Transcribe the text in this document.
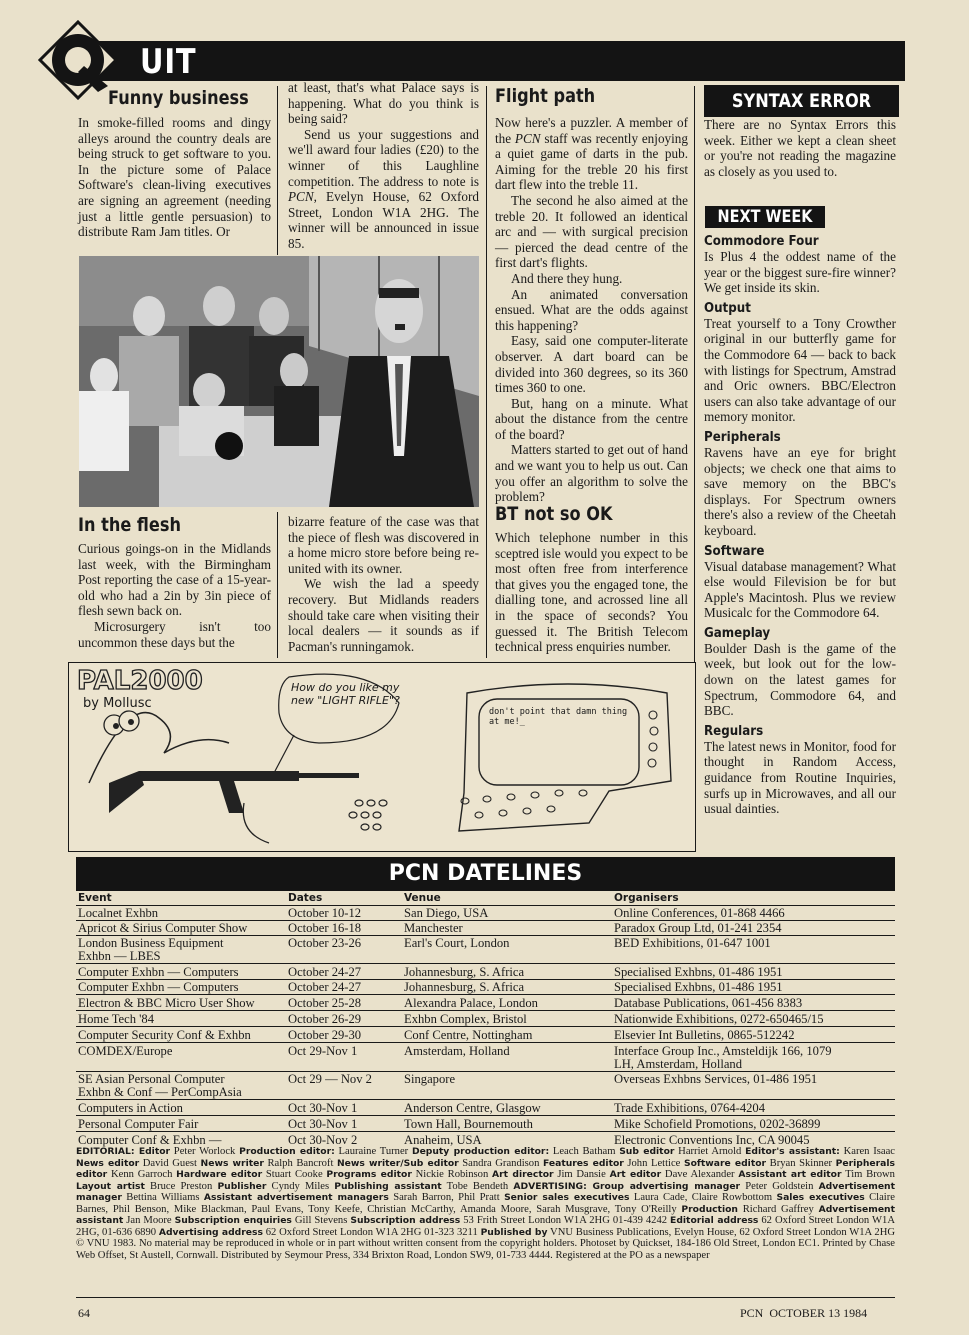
UIT
Funny business

In smoke-filled rooms and dingy alleys around the country deals are being struck to get software to you. In the picture some of Palace Software's clean-living executives are signing an agreement (needing just a little gentle persuasion) to distribute Ram Jam titles. Or

at least, that's what Palace says is happening. What do you think is being said?

Send us your suggestions and we'll award four ladies (£20) to the winner of this Laughline competition. The address to note is PCN, Evelyn House, 62 Oxford Street, London W1A 2HG. The winner will be announced in issue 85.

In the flesh

Curious goings-on in the Midlands last week, with the Birmingham Post reporting the case of a 15-year-old who had a 2in by 3in piece of flesh sewn back on.

Microsurgery isn't too uncommon these days but the

bizarre feature of the case was that the piece of flesh was discovered in a home micro store before being re-united with its owner.

We wish the lad a speedy recovery. But Midlands readers should take care when visiting their local dealers — it sounds as if Pacman's runningamok.

Flight path

Now here's a puzzler. A member of the PCN staff was recently enjoying a quiet game of darts in the pub. Aiming for the treble 20 his first dart flew into the treble 11.

The second he also aimed at the treble 20. It followed an identical arc and — with surgical precision — pierced the dead centre of the first dart's flights.

And there they hung.

An animated conversation ensued. What are the odds against this happening?

Easy, said one computer-literate observer. A dart board can be divided into 360 degrees, so its 360 times 360 to one.

But, hang on a minute. What about the distance from the centre of the board?

Matters started to get out of hand and we want you to help us out. Can you offer an algorithm to solve the problem?

BT not so OK

Which telephone number in this sceptred isle would you expect to be most often free from interference that gives you the engaged tone, the dialling tone, and acrossed line all in the space of seconds? You guessed it. The British Telecom technical press enquiries number.

SYNTAX ERROR

There are no Syntax Errors this week. Either we kept a clean sheet or you're not reading the magazine as closely as you used to.

NEXT WEEK
Commodore Four
Is Plus 4 the oddest name of the year or the biggest sure-fire winner? We get inside its skin.
Output
Treat yourself to a Tony Crowther original in our butterfly game for the Commodore 64 — back to back with listings for Spectrum, Amstrad and Oric owners. BBC/Electron users can also take advantage of our memory monitor.
Peripherals
Ravens have an eye for bright objects; we check one that aims to save memory on the BBC's displays. For Spectrum owners there's also a review of the Cheetah keyboard.
Software
Visual database management? What else would Filevision be for but Apple's Macintosh. Plus we review Musicalc for the Commodore 64.
Gameplay
Boulder Dash is the game of the week, but look out for the low-down on the latest games for Spectrum, Commodore 64, and BBC.
Regulars
The latest news in Monitor, food for thought in Random Access, guidance from Routine Inquiries, surfs up in Microwaves, and all our usual dainties.
PAL2000
by Mollusc
How do you like my new "LIGHT RIFLE"?
don't point that damn thing at me!_
PCN DATELINES
Event	Dates	Venue	Organisers
Localnet Exhbn	October 10-12	San Diego, USA	Online Conferences, 01-868 4466
Apricot & Sirius Computer Show	October 16-18	Manchester	Paradox Group Ltd, 01-241 2354
London Business Equipment	October 23-26	Earl's Court, London	BED Exhibitions, 01-647 1001
Exhbn — LBES
Computer Exhbn — Computers	October 24-27	Johannesburg, S. Africa	Specialised Exhbns, 01-486 1951
Computer Exhbn — Computers	October 24-27	Johannesburg, S. Africa	Specialised Exhbns, 01-486 1951
Electron & BBC Micro User Show	October 25-28	Alexandra Palace, London	Database Publications, 061-456 8383
Home Tech '84	October 26-29	Exhbn Complex, Bristol	Nationwide Exhibitions, 0272-650465/15
Computer Security Conf & Exhbn	October 29-30	Conf Centre, Nottingham	Elsevier Int Bulletins, 0865-512242
COMDEX/Europe	Oct 29-Nov 1	Amsterdam, Holland	Interface Group Inc., Amsteldijk 166, 1079
LH, Amsterdam, Holland
SE Asian Personal Computer	Oct 29 — Nov 2	Singapore	Overseas Exhbns Services, 01-486 1951
Exhbn & Conf — PerCompAsia
Computers in Action	Oct 30-Nov 1	Anderson Centre, Glasgow	Trade Exhibitions, 0764-4204
Personal Computer Fair	Oct 30-Nov 1	Town Hall, Bournemouth	Mike Schofield Promotions, 0202-36899
Computer Conf & Exhbn —	Oct 30-Nov 2	Anaheim, USA	Electronic Conventions Inc, CA 90045
EDITORIAL: Editor Peter Worlock Production editor: Lauraine Turner Deputy production editor: Leach Batham Sub editor Harriet Arnold Editor's assistant: Karen Isaac News editor David Guest News writer Ralph Bancroft News writer/Sub editor Sandra Grandison Features editor John Lettice Software editor Bryan Skinner Peripherals editor Kenn Garroch Hardware editor Stuart Cooke Programs editor Nickie Robinson Art director Jim Dansie Art editor Dave Alexander Assistant art editor Tim Brown Layout artist Bruce Preston Publisher Cyndy Miles Publishing assistant Tobe Bendeth ADVERTISING: Group advertising manager Peter Goldstein Advertisement manager Bettina Williams Assistant advertisement managers Sarah Barron, Phil Pratt Senior sales executives Laura Cade, Claire Rowbottom Sales executives Claire Barnes, Phil Benson, Mike Blackman, Paul Evans, Tony Keefe, Christian McCarthy, Amanda Moore, Sarah Musgrave, Tony O'Reilly Production Richard Gaffrey Advertisement assistant Jan Moore Subscription enquiries Gill Stevens Subscription address 53 Frith Street London W1A 2HG 01-439 4242 Editorial address 62 Oxford Street London W1A 2HG, 01-636 6890 Advertising address 62 Oxford Street London W1A 2HG 01-323 3211 Published by VNU Business Publications, Evelyn House, 62 Oxford Street London W1A 2HG © VNU 1983. No material may be reproduced in whole or in part without written consent from the copyright holders. Photoset by Quickset, 184-186 Old Street, London EC1. Printed by Chase Web Offset, St Austell, Cornwall. Distributed by Seymour Press, 334 Brixton Road, London SW9, 01-733 4444. Registered at the PO as a newspaper
64	PCN  OCTOBER 13 1984
